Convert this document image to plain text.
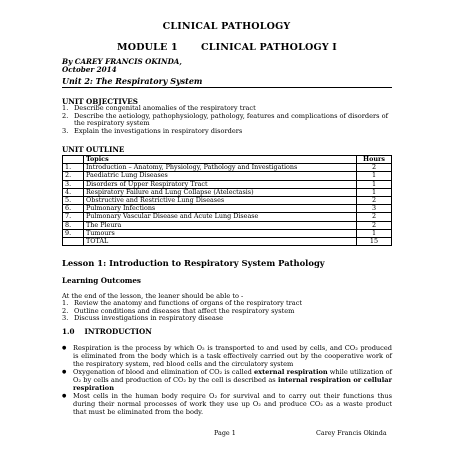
CLINICAL PATHOLOGY
MODULE 1 CLINICAL PATHOLOGY I
By CAREY FRANCIS OKINDA,
October 2014
Unit 2: The Respiratory System
UNIT OBJECTIVES
1. Describe congenital anomalies of the respiratory tract
2. Describe the aetiology, pathophysiology, pathology, features and complications of disorders of the respiratory system
3. Explain the investigations in respiratory disorders
UNIT OUTLINE
	Topics	Hours
1.	Introduction – Anatomy, Physiology, Pathology and Investigations	2
2.	Paediatric Lung Diseases	1
3.	Disorders of Upper Respiratory Tract	1
4.	Respiratory Failure and Lung Collapse (Atelectasis)	1
5.	Obstructive and Restrictive Lung Diseases	2
6.	Pulmonary Infections	3
7.	Pulmonary Vascular Disease and Acute Lung Disease	2
8.	The Pleura	2
9.	Tumours	1
	TOTAL	15
Lesson 1: Introduction to Respiratory System Pathology
Learning Outcomes
At the end of the lesson, the leaner should be able to -
1. Review the anatomy and functions of organs of the respiratory tract
2. Outline conditions and diseases that affect the respiratory system
3. Discuss investigations in respiratory disease
1.0    INTRODUCTION
● Respiration is the process by which O₂ is transported to and used by cells, and CO₂ produced is eliminated from the body which is a task effectively carried out by the cooperative work of the respiratory system, red blood cells and the circulatory system
● Oxygenation of blood and elimination of CO₂ is called external respiration while utilization of O₂ by cells and production of CO₂ by the cell is described as internal respiration or cellular respiration
● Most cells in the human body require O₂ for survival and to carry out their functions thus during their normal processes of work they use up O₂ and produce CO₂ as a waste product that must be eliminated from the body.
Page 1	Carey Francis Okinda
